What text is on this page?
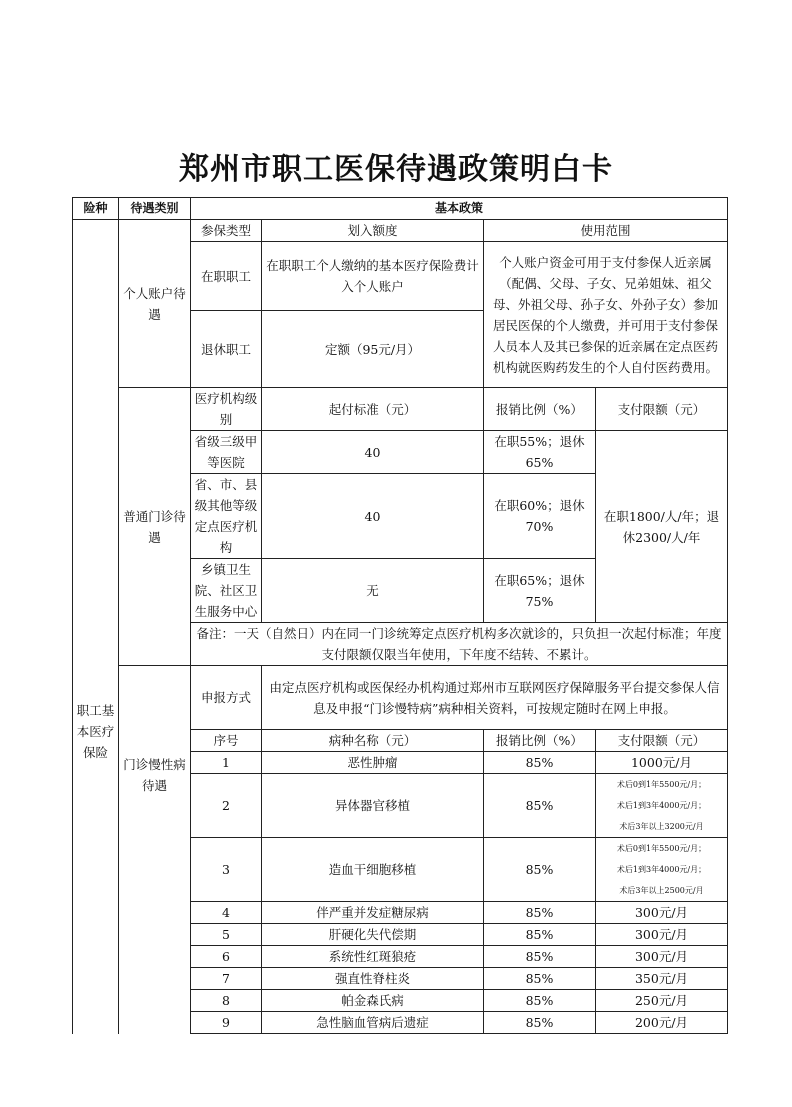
郑州市职工医保待遇政策明白卡
险种	待遇类别	基本政策			
职工基本医疗保险	个人账户待遇	参保类型	划入额度	使用范围	
		在职职工	在职职工个人缴纳的基本医疗保险费计入个人账户	个人账户资金可用于支付参保人近亲属（配偶、父母、子女、兄弟姐妹、祖父母、外祖父母、孙子女、外孙子女）参加居民医保的个人缴费，并可用于支付参保人员本人及其已参保的近亲属在定点医药机构就医购药发生的个人自付医药费用。	
		退休职工	定额（95元/月）		
	普通门诊待遇	医疗机构级别	起付标准（元）	报销比例（%）	支付限额（元）
		省级三级甲等医院	40	在职55%；退休65%	在职1800/人/年；退休2300/人/年
		省、市、县级其他等级定点医疗机构	40	在职60%；退休70%	
		乡镇卫生院、社区卫生服务中心	无	在职65%；退休75%	
		备注：一天（自然日）内在同一门诊统筹定点医疗机构多次就诊的，只负担一次起付标准；年度支付限额仅限当年使用，下年度不结转、不累计。			
	门诊慢性病待遇	申报方式	由定点医疗机构或医保经办机构通过郑州市互联网医疗保障服务平台提交参保人信息及申报“门诊慢特病”病种相关资料，可按规定随时在网上申报。		
		序号	病种名称（元）	报销比例（%）	支付限额（元）
		1	恶性肿瘤	85%	1000元/月
		2	异体器官移植	85%	术后0到1年5500元/月；
术后1到3年4000元/月；
术后3年以上3200元/月

		3	造血干细胞移植	85%	术后0到1年5500元/月；
术后1到3年4000元/月；
术后3年以上2500元/月

		4	伴严重并发症糖尿病	85%	300元/月
		5	肝硬化失代偿期	85%	300元/月
		6	系统性红斑狼疮	85%	300元/月
		7	强直性脊柱炎	85%	350元/月
		8	帕金森氏病	85%	250元/月
		9	急性脑血管病后遗症	85%	200元/月
